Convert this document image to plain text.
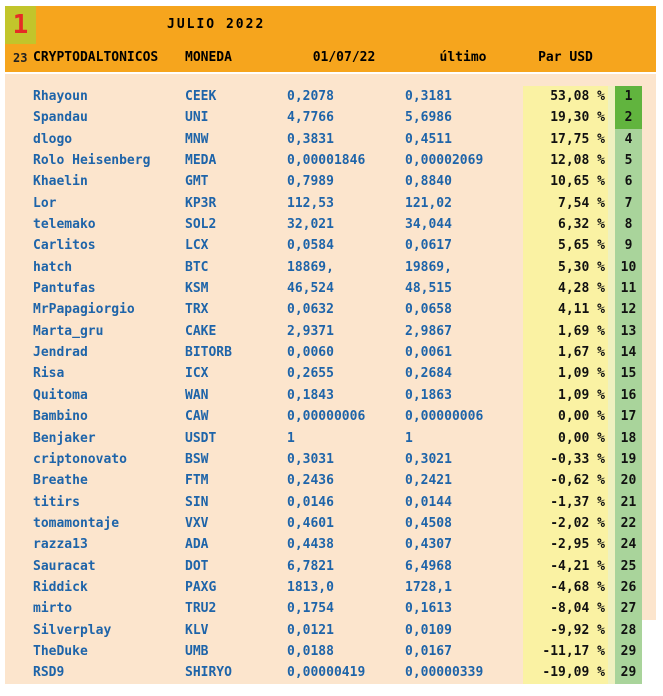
1	JULIO 2022
23 CRYPTODALTONICOS	MONEDA	01/07/22	último	Par USD
Rhayoun	CEEK	0,2078	0,3181	53,08 %	1
Spandau	UNI	4,7766	5,6986	19,30 %	2
dlogo	MNW	0,3831	0,4511	17,75 %	4
Rolo Heisenberg	MEDA	0,00001846	0,00002069	12,08 %	5
Khaelin	GMT	0,7989	0,8840	10,65 %	6
Lor	KP3R	112,53	121,02	7,54 %	7
telemako	SOL2	32,021	34,044	6,32 %	8
Carlitos	LCX	0,0584	0,0617	5,65 %	9
hatch	BTC	18869,	19869,	5,30 %	10
Pantufas	KSM	46,524	48,515	4,28 %	11
MrPapagiorgio	TRX	0,0632	0,0658	4,11 %	12
Marta_gru	CAKE	2,9371	2,9867	1,69 %	13
Jendrad	BITORB	0,0060	0,0061	1,67 %	14
Risa	ICX	0,2655	0,2684	1,09 %	15
Quitoma	WAN	0,1843	0,1863	1,09 %	16
Bambino	CAW	0,00000006	0,00000006	0,00 %	17
Benjaker	USDT	1	1	0,00 %	18
criptonovato	BSW	0,3031	0,3021	-0,33 %	19
Breathe	FTM	0,2436	0,2421	-0,62 %	20
titirs	SIN	0,0146	0,0144	-1,37 %	21
tomamontaje	VXV	0,4601	0,4508	-2,02 %	22
razza13	ADA	0,4438	0,4307	-2,95 %	24
Sauracat	DOT	6,7821	6,4968	-4,21 %	25
Riddick	PAXG	1813,0	1728,1	-4,68 %	26
mirto	TRU2	0,1754	0,1613	-8,04 %	27
Silverplay	KLV	0,0121	0,0109	-9,92 %	28
TheDuke	UMB	0,0188	0,0167	-11,17 %	29
RSD9	SHIRYO	0,00000419	0,00000339	-19,09 %	29
